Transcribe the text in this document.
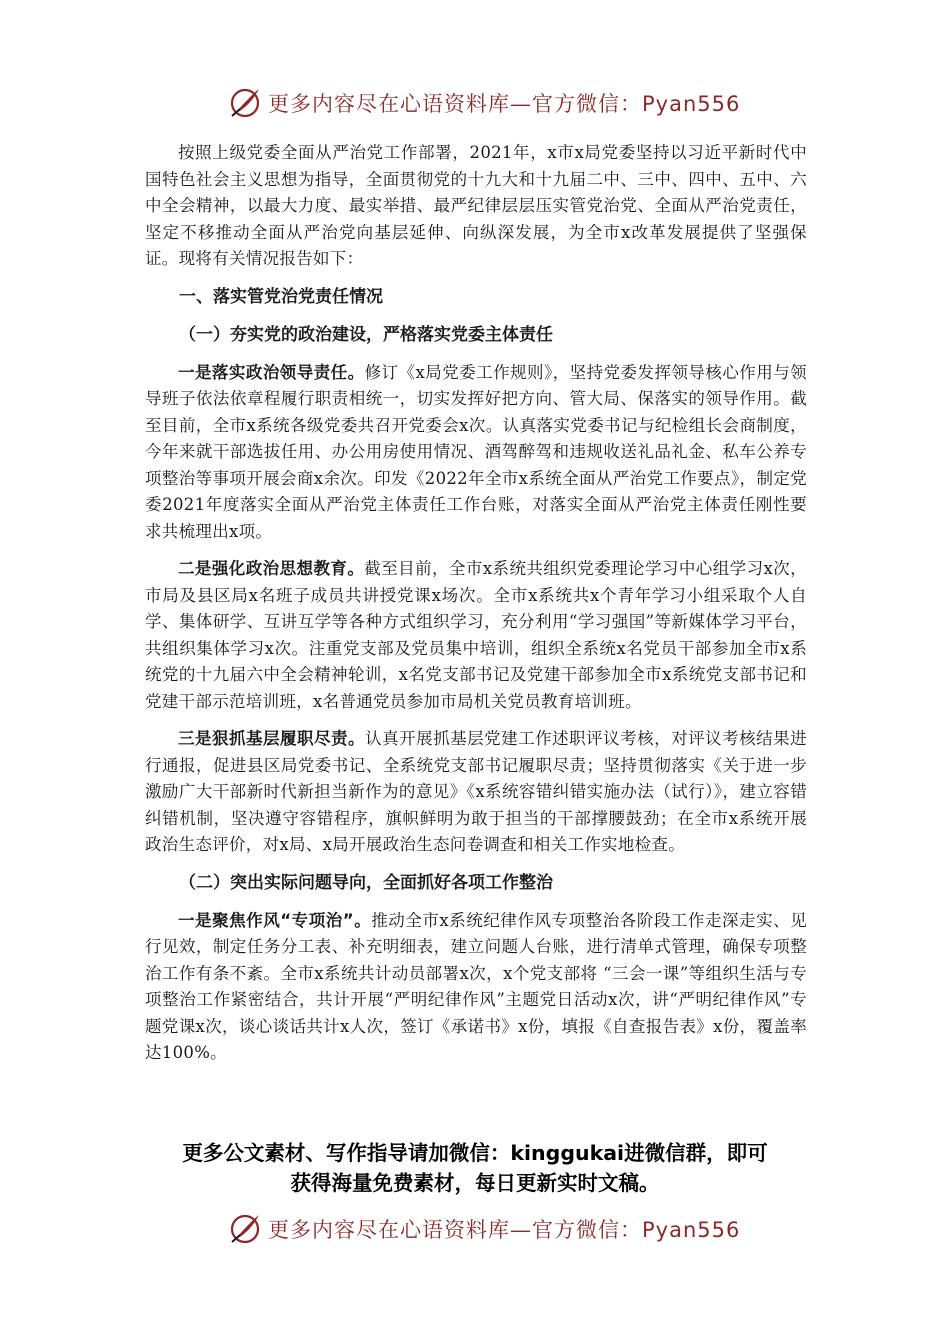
更多内容尽在心语资料库—官方微信：Pyan556

按照上级党委全面从严治党工作部署，2021年，x市x局党委坚持以习近平新时代中国特色社会主义思想为指导，全面贯彻党的十九大和十九届二中、三中、四中、五中、六中全会精神，以最大力度、最实举措、最严纪律层层压实管党治党、全面从严治党责任，坚定不移推动全面从严治党向基层延伸、向纵深发展，为全市x改革发展提供了坚强保证。现将有关情况报告如下：

一、落实管党治党责任情况
（一）夯实党的政治建设，严格落实党委主体责任

一是落实政治领导责任。修订《x局党委工作规则》，坚持党委发挥领导核心作用与领导班子依法依章程履行职责相统一，切实发挥好把方向、管大局、保落实的领导作用。截至目前，全市x系统各级党委共召开党委会x次。认真落实党委书记与纪检组长会商制度，今年来就干部选拔任用、办公用房使用情况、酒驾醉驾和违规收送礼品礼金、私车公养专项整治等事项开展会商x余次。印发《2022年全市x系统全面从严治党工作要点》，制定党委2021年度落实全面从严治党主体责任工作台账，对落实全面从严治党主体责任刚性要求共梳理出x项。

二是强化政治思想教育。截至目前，全市x系统共组织党委理论学习中心组学习x次，市局及县区局x名班子成员共讲授党课x场次。全市x系统共x个青年学习小组采取个人自学、集体研学、互讲互学等各种方式组织学习，充分利用“学习强国”等新媒体学习平台，共组织集体学习x次。注重党支部及党员集中培训，组织全系统x名党员干部参加全市x系统党的十九届六中全会精神轮训，x名党支部书记及党建干部参加全市x系统党支部书记和党建干部示范培训班，x名普通党员参加市局机关党员教育培训班。

三是狠抓基层履职尽责。认真开展抓基层党建工作述职评议考核，对评议考核结果进行通报，促进县区局党委书记、全系统党支部书记履职尽责；坚持贯彻落实《关于进一步激励广大干部新时代新担当新作为的意见》《x系统容错纠错实施办法（试行）》，建立容错纠错机制，坚决遵守容错程序，旗帜鲜明为敢于担当的干部撑腰鼓劲；在全市x系统开展政治生态评价，对x局、x局开展政治生态问卷调查和相关工作实地检查。

（二）突出实际问题导向，全面抓好各项工作整治

一是聚焦作风“专项治”。推动全市x系统纪律作风专项整治各阶段工作走深走实、见行见效，制定任务分工表、补充明细表，建立问题人台账，进行清单式管理，确保专项整治工作有条不紊。全市x系统共计动员部署x次，x个党支部将 “三会一课”等组织生活与专项整治工作紧密结合，共计开展“严明纪律作风”主题党日活动x次，讲“严明纪律作风”专题党课x次，谈心谈话共计x人次，签订《承诺书》x份，填报《自查报告表》x份，覆盖率达100%。

更多公文素材、写作指导请加微信：kinggukai进微信群，即可
获得海量免费素材，每日更新实时文稿。
更多内容尽在心语资料库—官方微信：Pyan556
